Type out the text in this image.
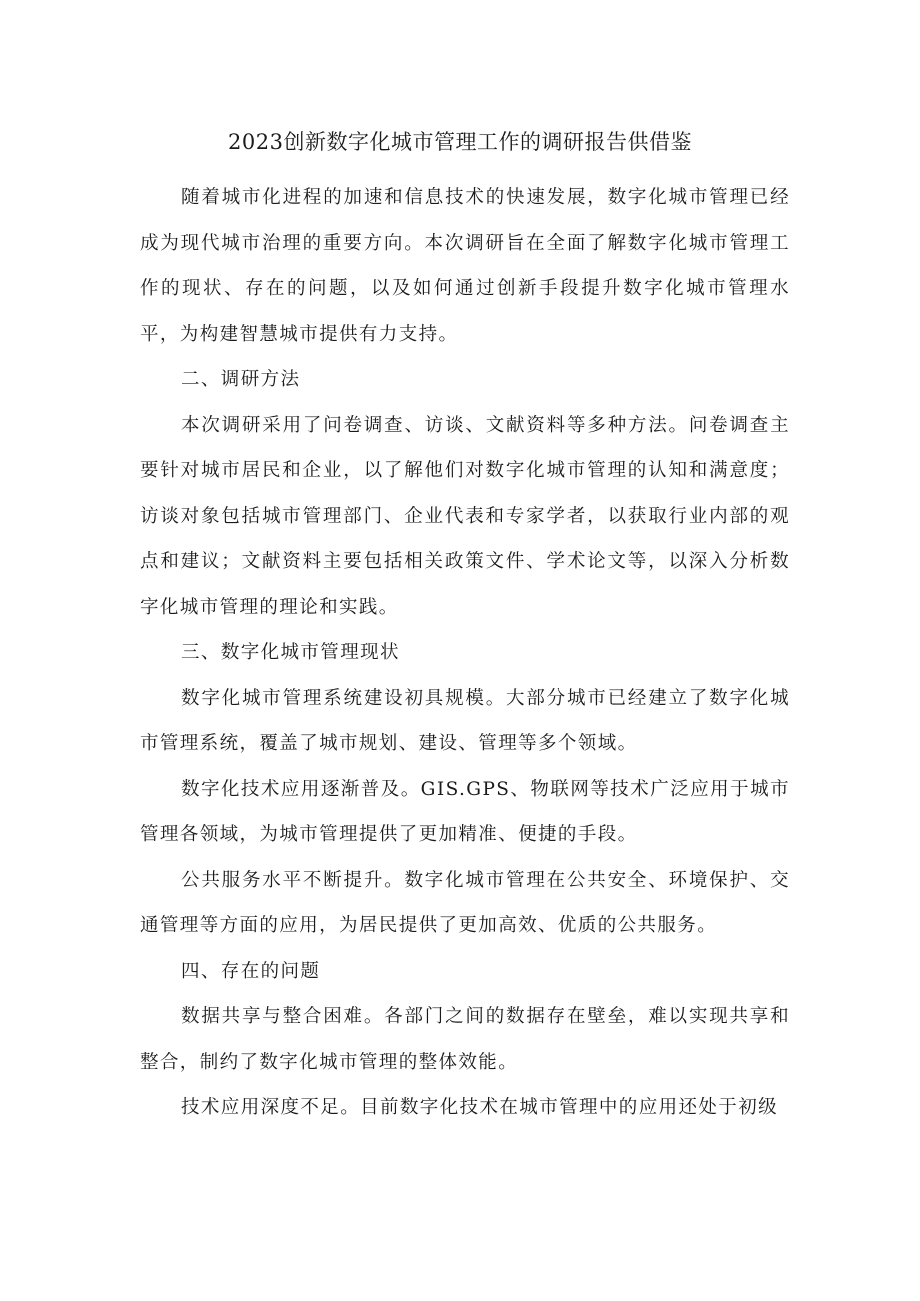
2023创新数字化城市管理工作的调研报告供借鉴

随着城市化进程的加速和信息技术的快速发展，数字化城市管理已经成为现代城市治理的重要方向。本次调研旨在全面了解数字化城市管理工作的现状、存在的问题，以及如何通过创新手段提升数字化城市管理水平，为构建智慧城市提供有力支持。

二、调研方法

本次调研采用了问卷调查、访谈、文献资料等多种方法。问卷调查主要针对城市居民和企业，以了解他们对数字化城市管理的认知和满意度；访谈对象包括城市管理部门、企业代表和专家学者，以获取行业内部的观点和建议；文献资料主要包括相关政策文件、学术论文等，以深入分析数字化城市管理的理论和实践。

三、数字化城市管理现状

数字化城市管理系统建设初具规模。大部分城市已经建立了数字化城市管理系统，覆盖了城市规划、建设、管理等多个领域。

数字化技术应用逐渐普及。GIS.GPS、物联网等技术广泛应用于城市管理各领域，为城市管理提供了更加精准、便捷的手段。

公共服务水平不断提升。数字化城市管理在公共安全、环境保护、交通管理等方面的应用，为居民提供了更加高效、优质的公共服务。

四、存在的问题

数据共享与整合困难。各部门之间的数据存在壁垒，难以实现共享和整合，制约了数字化城市管理的整体效能。

技术应用深度不足。目前数字化技术在城市管理中的应用还处于初级
